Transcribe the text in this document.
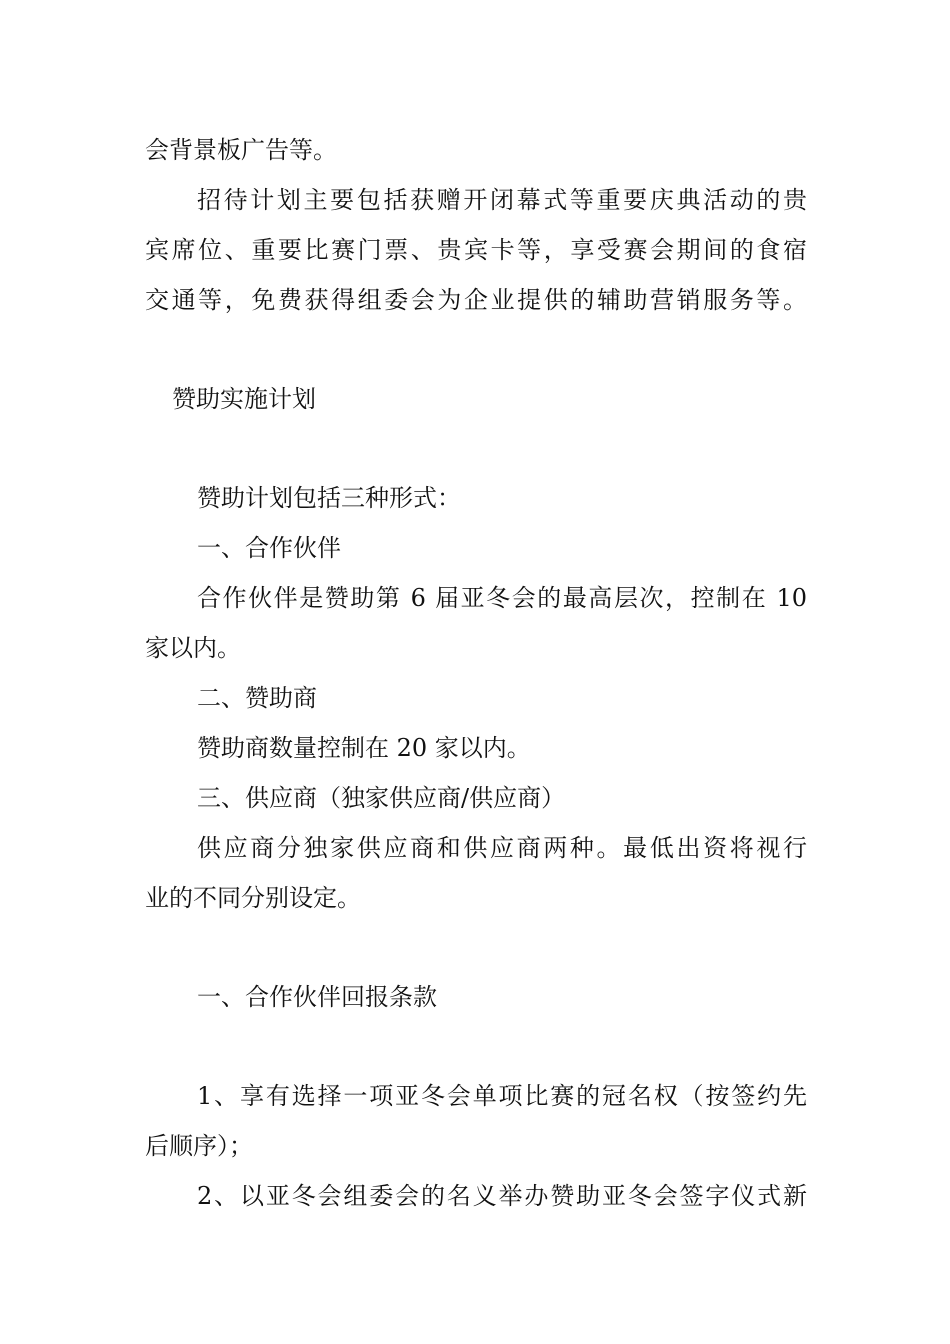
会背景板广告等。
招待计划主要包括获赠开闭幕式等重要庆典活动的贵
宾席位、重要比赛门票、贵宾卡等，享受赛会期间的食宿
交通等，免费获得组委会为企业提供的辅助营销服务等。
赞助实施计划
赞助计划包括三种形式：
一、合作伙伴
合作伙伴是赞助第 6 届亚冬会的最高层次，控制在 10
家以内。
二、赞助商
赞助商数量控制在 20 家以内。
三、供应商（独家供应商/供应商）
供应商分独家供应商和供应商两种。最低出资将视行
业的不同分别设定。
一、合作伙伴回报条款
1、享有选择一项亚冬会单项比赛的冠名权（按签约先
后顺序）；
2、以亚冬会组委会的名义举办赞助亚冬会签字仪式新
